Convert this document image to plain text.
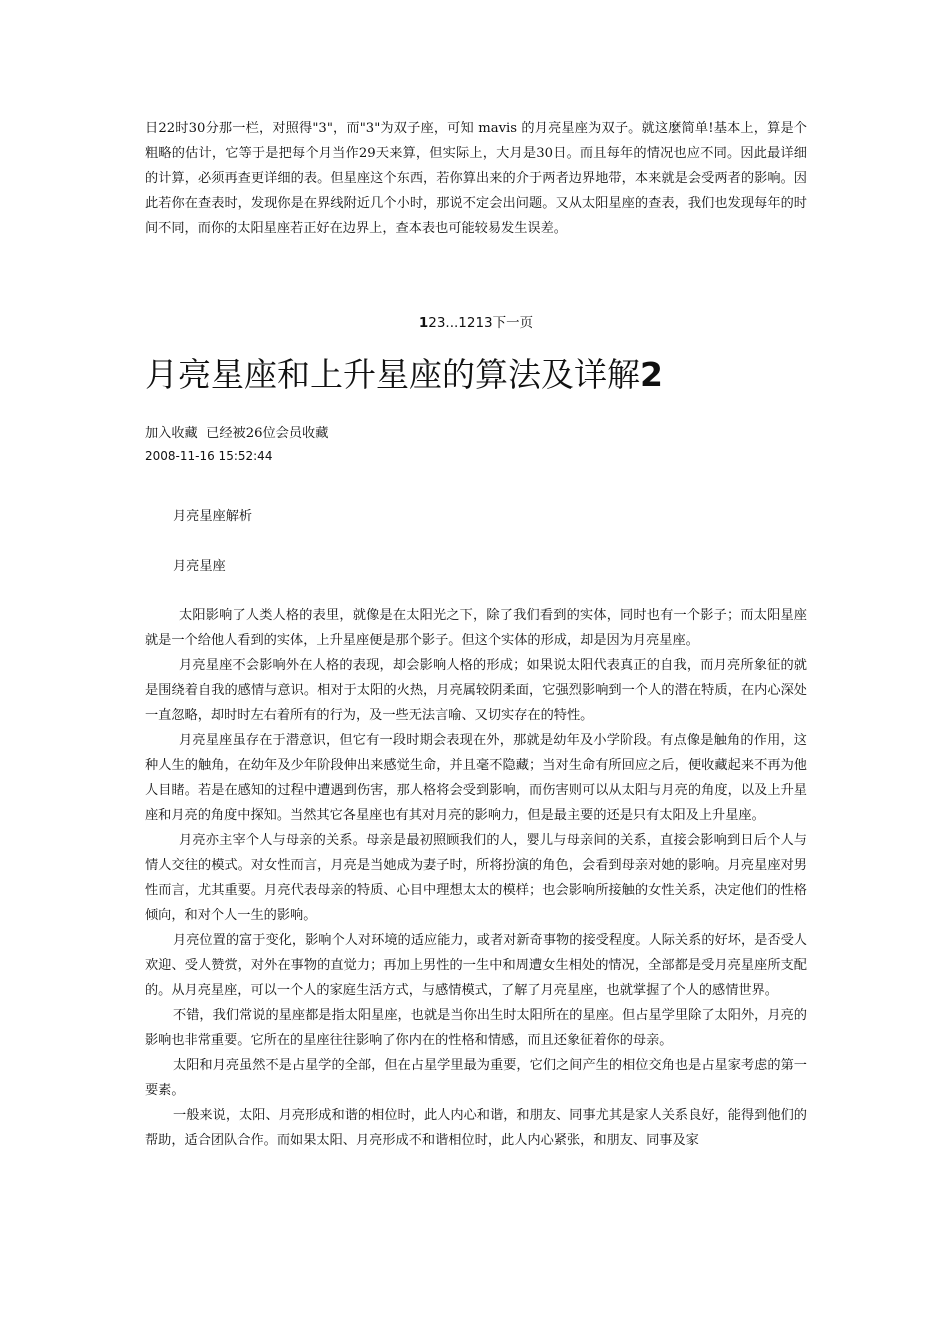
日22时30分那一栏，对照得"3"，而"3"为双子座，可知 mavis 的月亮星座为双子。就这麼简单!基本上，算是个粗略的估计，它等于是把每个月当作29天来算，但实际上，大月是30日。而且每年的情况也应不同。因此最详细的计算，必须再查更详细的表。但星座这个东西，若你算出来的介于两者边界地带，本来就是会受两者的影响。因此若你在查表时，发现你是在界线附近几个小时，那说不定会出问题。又从太阳星座的查表，我们也发现每年的时间不同，而你的太阳星座若正好在边界上，查本表也可能较易发生误差。

123...1213下一页
月亮星座和上升星座的算法及详解2
加入收藏 已经被26位会员收藏
2008-11-16 15:52:44

月亮星座解析

月亮星座

太阳影响了人类人格的表里，就像是在太阳光之下，除了我们看到的实体，同时也有一个影子；而太阳星座就是一个给他人看到的实体，上升星座便是那个影子。但这个实体的形成，却是因为月亮星座。

月亮星座不会影响外在人格的表现，却会影响人格的形成；如果说太阳代表真正的自我，而月亮所象征的就是围绕着自我的感情与意识。相对于太阳的火热，月亮属较阴柔面，它强烈影响到一个人的潜在特质，在内心深处一直忽略，却时时左右着所有的行为，及一些无法言喻、又切实存在的特性。

月亮星座虽存在于潜意识，但它有一段时期会表现在外，那就是幼年及小学阶段。有点像是触角的作用，这种人生的触角，在幼年及少年阶段伸出来感觉生命，并且毫不隐藏；当对生命有所回应之后，便收藏起来不再为他人目睹。若是在感知的过程中遭遇到伤害，那人格将会受到影响，而伤害则可以从太阳与月亮的角度，以及上升星座和月亮的角度中探知。当然其它各星座也有其对月亮的影响力，但是最主要的还是只有太阳及上升星座。

月亮亦主宰个人与母亲的关系。母亲是最初照顾我们的人，婴儿与母亲间的关系，直接会影响到日后个人与情人交往的模式。对女性而言，月亮是当她成为妻子时，所将扮演的角色，会看到母亲对她的影响。月亮星座对男性而言，尤其重要。月亮代表母亲的特质、心目中理想太太的模样；也会影响所接触的女性关系，决定他们的性格倾向，和对个人一生的影响。

月亮位置的富于变化，影响个人对环境的适应能力，或者对新奇事物的接受程度。人际关系的好坏，是否受人欢迎、受人赞赏，对外在事物的直觉力；再加上男性的一生中和周遭女生相处的情况，全部都是受月亮星座所支配的。从月亮星座，可以一个人的家庭生活方式，与感情模式，了解了月亮星座，也就掌握了个人的感情世界。

不错，我们常说的星座都是指太阳星座，也就是当你出生时太阳所在的星座。但占星学里除了太阳外，月亮的影响也非常重要。它所在的星座往往影响了你内在的性格和情感，而且还象征着你的母亲。

太阳和月亮虽然不是占星学的全部，但在占星学里最为重要，它们之间产生的相位交角也是占星家考虑的第一要素。

一般来说，太阳、月亮形成和谐的相位时，此人内心和谐，和朋友、同事尤其是家人关系良好，能得到他们的帮助，适合团队合作。而如果太阳、月亮形成不和谐相位时，此人内心紧张，和朋友、同事及家
